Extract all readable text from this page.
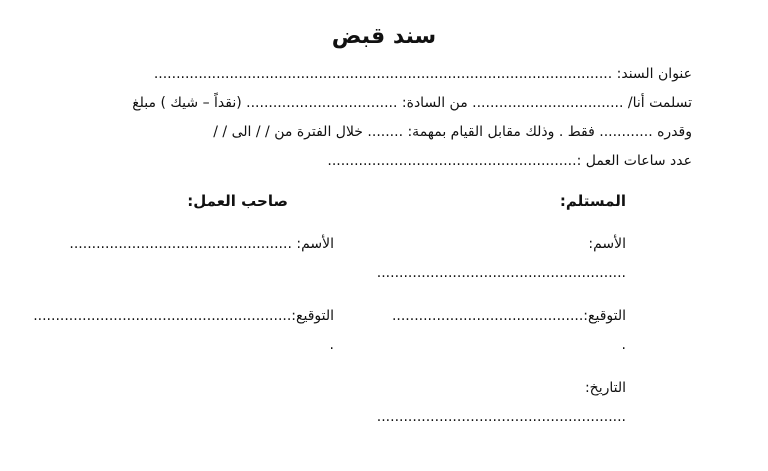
سند قبض
عنوان السند: .......................................................................................................
تسلمت أنا/ .................................. من السادة: .................................. (نقداً – شيك ) مبلغ
وقدره ............ فقط . وذلك مقابل القيام بمهمة: ........ خلال الفترة من / / الى / /
عدد ساعات العمل :........................................................
المستلم:
الأسم:
........................................................
التوقيع:...........................................
.
التاريخ:
........................................................
صاحب العمل:
الأسم: ..................................................
التوقيع:..........................................................
.
